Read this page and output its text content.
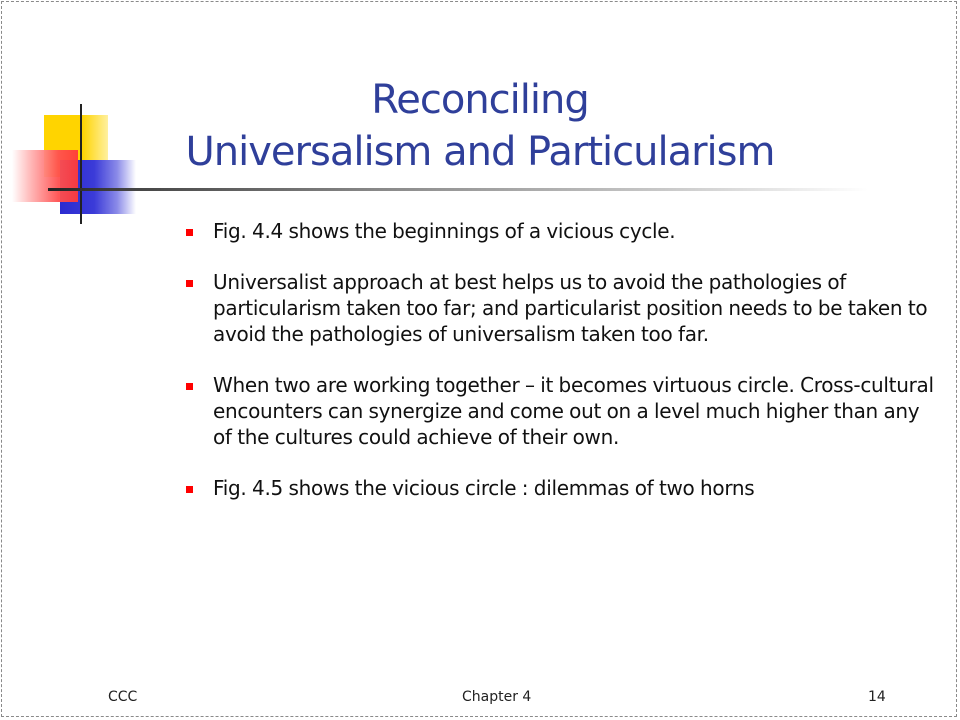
Reconciling
Universalism and Particularism
Fig. 4.4 shows the beginnings of a vicious cycle.
Universalist approach at best helps us to avoid the pathologies of particularism taken too far; and particularist position needs to be taken to avoid the pathologies of universalism taken too far.
When two are working together – it becomes virtuous circle. Cross-cultural encounters can synergize and come out on a level much higher than any of the cultures could achieve of their own.
Fig. 4.5 shows the vicious circle : dilemmas of two horns
CCC	Chapter 4	14
